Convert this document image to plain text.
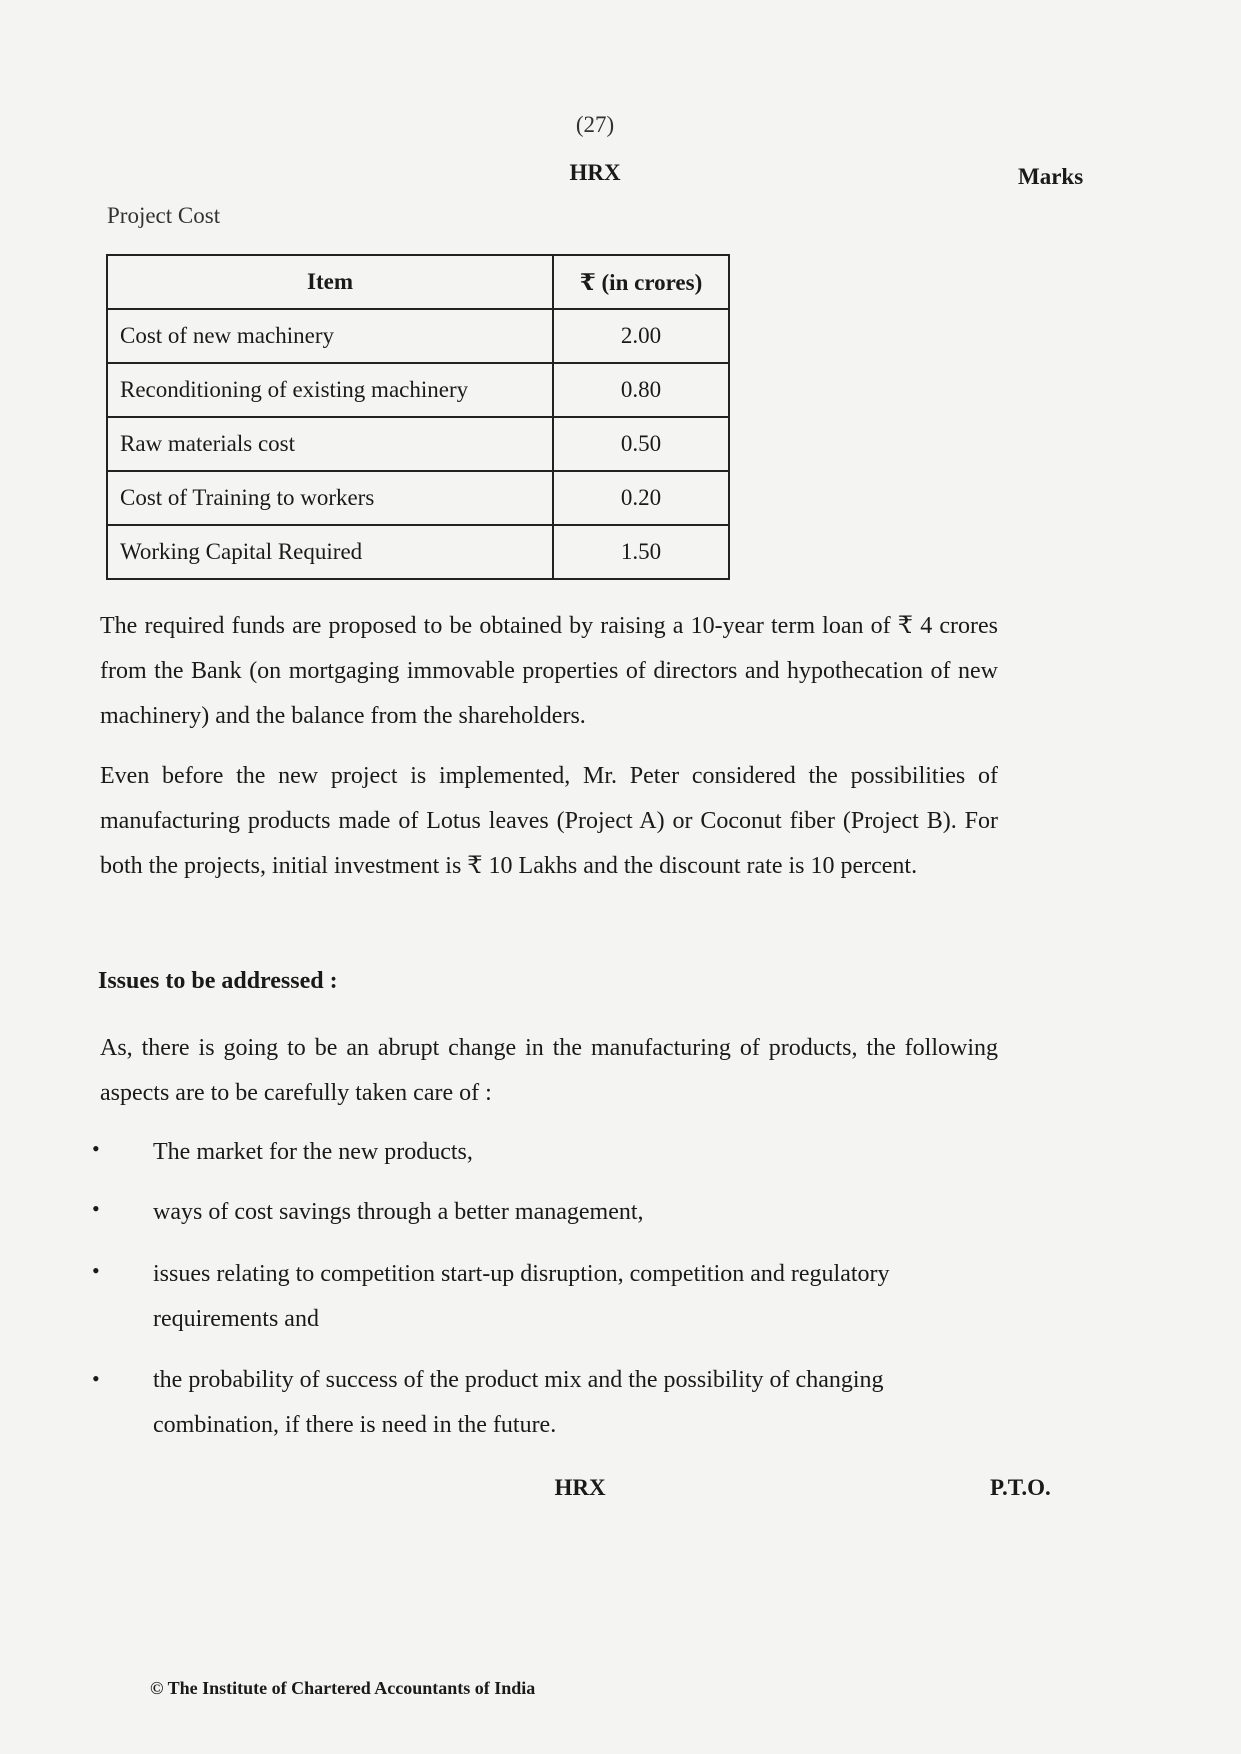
(27)
HRX	Marks
Project Cost
Item	₹ (in crores)
Cost of new machinery	2.00
Reconditioning of existing machinery	0.80
Raw materials cost	0.50
Cost of Training to workers	0.20
Working Capital Required	1.50

The required funds are proposed to be obtained by raising a 10-year term loan of ₹ 4 crores from the Bank (on mortgaging immovable properties of directors and hypothecation of new machinery) and the balance from the shareholders.

Even before the new project is implemented, Mr. Peter considered the possibilities of manufacturing products made of Lotus leaves (Project A) or Coconut fiber (Project B). For both the projects, initial investment is ₹ 10 Lakhs and the discount rate is 10 percent.

Issues to be addressed :

As, there is going to be an abrupt change in the manufacturing of products, the following aspects are to be carefully taken care of :

• The market for the new products,
• ways of cost savings through a better management,
• issues relating to competition start-up disruption, competition and regulatory requirements and
• the probability of success of the product mix and the possibility of changing combination, if there is need in the future.
HRX	P.T.O.
© The Institute of Chartered Accountants of India
